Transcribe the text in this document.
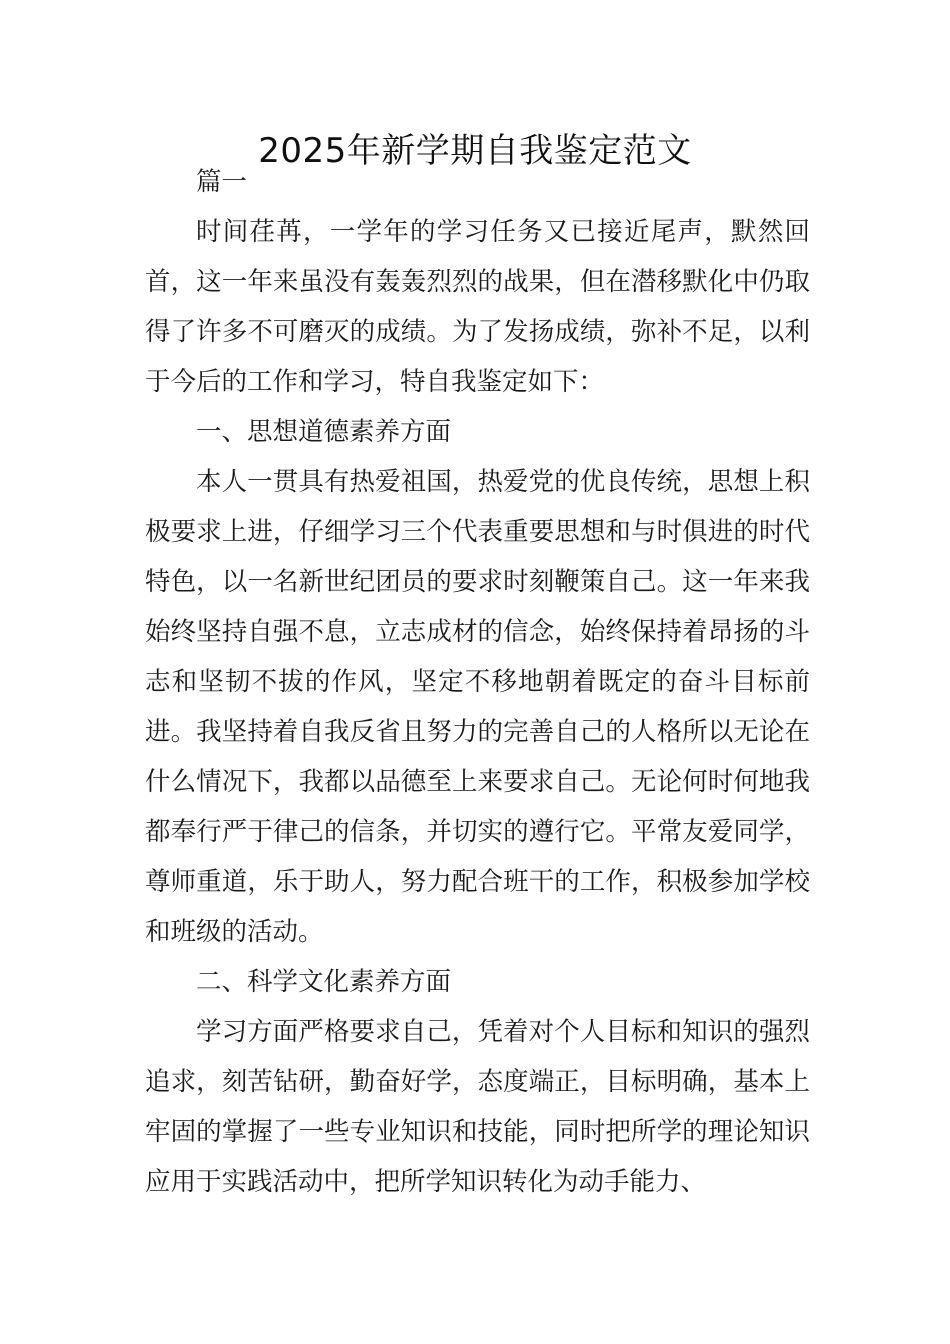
2025年新学期自我鉴定范文

篇一

时间荏苒，一学年的学习任务又已接近尾声，默然回首，这一年来虽没有轰轰烈烈的战果，但在潜移默化中仍取得了许多不可磨灭的成绩。为了发扬成绩，弥补不足，以利于今后的工作和学习，特自我鉴定如下：

一、思想道德素养方面

本人一贯具有热爱祖国，热爱党的优良传统，思想上积极要求上进，仔细学习三个代表重要思想和与时俱进的时代特色，以一名新世纪团员的要求时刻鞭策自己。这一年来我始终坚持自强不息，立志成材的信念，始终保持着昂扬的斗志和坚韧不拔的作风，坚定不移地朝着既定的奋斗目标前进。我坚持着自我反省且努力的完善自己的人格所以无论在什么情况下，我都以品德至上来要求自己。无论何时何地我都奉行严于律己的信条，并切实的遵行它。平常友爱同学，尊师重道，乐于助人，努力配合班干的工作，积极参加学校和班级的活动。

二、科学文化素养方面

学习方面严格要求自己，凭着对个人目标和知识的强烈追求，刻苦钻研，勤奋好学，态度端正，目标明确，基本上牢固的掌握了一些专业知识和技能，同时把所学的理论知识应用于实践活动中，把所学知识转化为动手能力、
